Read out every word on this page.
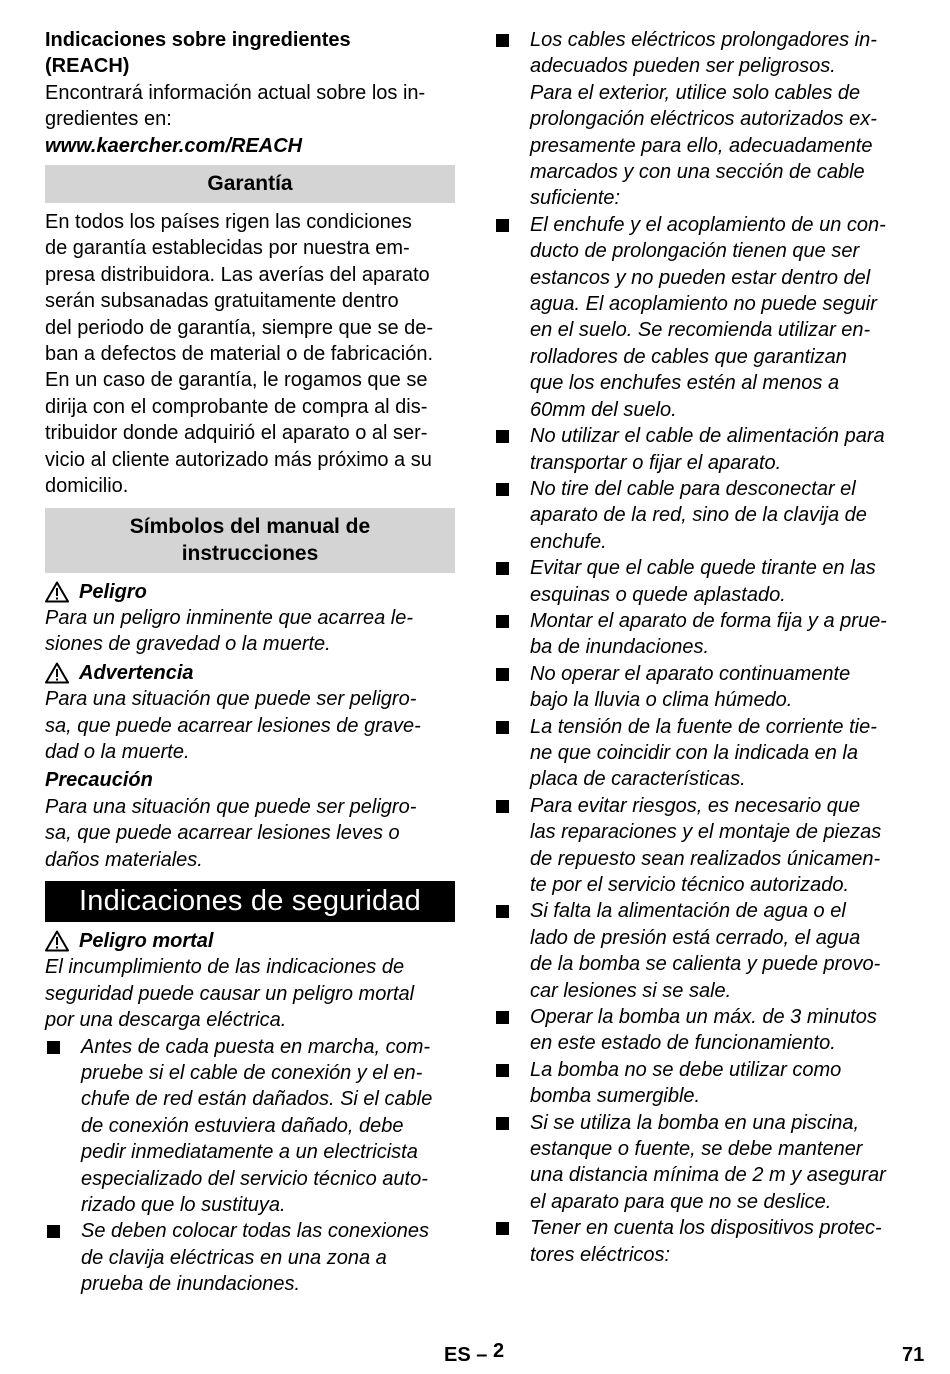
Indicaciones sobre ingredientes
(REACH)
Encontrará información actual sobre los in-
gredientes en:
www.kaercher.com/REACH
Garantía
En todos los países rigen las condiciones
de garantía establecidas por nuestra em-
presa distribuidora. Las averías del aparato
serán subsanadas gratuitamente dentro
del periodo de garantía, siempre que se de-
ban a defectos de material o de fabricación.
En un caso de garantía, le rogamos que se
dirija con el comprobante de compra al dis-
tribuidor donde adquirió el aparato o al ser-
vicio al cliente autorizado más próximo a su
domicilio.
Símbolos del manual de
instrucciones
Peligro
Para un peligro inminente que acarrea le-
siones de gravedad o la muerte.
Advertencia
Para una situación que puede ser peligro-
sa, que puede acarrear lesiones de grave-
dad o la muerte.
Precaución
Para una situación que puede ser peligro-
sa, que puede acarrear lesiones leves o
daños materiales.
Indicaciones de seguridad
Peligro mortal
El incumplimiento de las indicaciones de
seguridad puede causar un peligro mortal
por una descarga eléctrica.
Antes de cada puesta en marcha, com-
pruebe si el cable de conexión y el en-
chufe de red están dañados. Si el cable
de conexión estuviera dañado, debe
pedir inmediatamente a un electricista
especializado del servicio técnico auto-
rizado que lo sustituya.
Se deben colocar todas las conexiones
de clavija eléctricas en una zona a
prueba de inundaciones.
Los cables eléctricos prolongadores in-
adecuados pueden ser peligrosos.
Para el exterior, utilice solo cables de
prolongación eléctricos autorizados ex-
presamente para ello, adecuadamente
marcados y con una sección de cable
suficiente:
El enchufe y el acoplamiento de un con-
ducto de prolongación tienen que ser
estancos y no pueden estar dentro del
agua. El acoplamiento no puede seguir
en el suelo. Se recomienda utilizar en-
rolladores de cables que garantizan
que los enchufes estén al menos a
60mm del suelo.
No utilizar el cable de alimentación para
transportar o fijar el aparato.
No tire del cable para desconectar el
aparato de la red, sino de la clavija de
enchufe.
Evitar que el cable quede tirante en las
esquinas o quede aplastado.
Montar el aparato de forma fija y a prue-
ba de inundaciones.
No operar el aparato continuamente
bajo la lluvia o clima húmedo.
La tensión de la fuente de corriente tie-
ne que coincidir con la indicada en la
placa de características.
Para evitar riesgos, es necesario que
las reparaciones y el montaje de piezas
de repuesto sean realizados únicamen-
te por el servicio técnico autorizado.
Si falta la alimentación de agua o el
lado de presión está cerrado, el agua
de la bomba se calienta y puede provo-
car lesiones si se sale.
Operar la bomba un máx. de 3 minutos
en este estado de funcionamiento.
La bomba no se debe utilizar como
bomba sumergible.
Si se utiliza la bomba en una piscina,
estanque o fuente, se debe mantener
una distancia mínima de 2 m y asegurar
el aparato para que no se deslice.
Tener en cuenta los dispositivos protec-
tores eléctricos:
ES – 2	71
